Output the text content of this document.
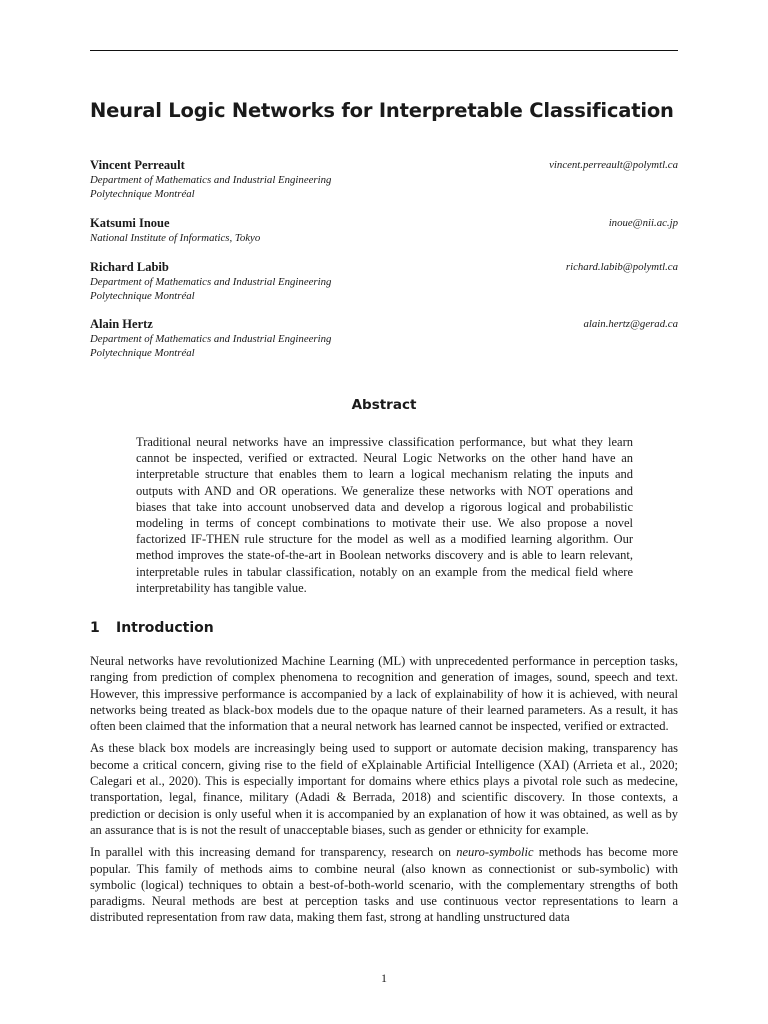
Neural Logic Networks for Interpretable Classification
Vincent Perreault	vincent.perreault@polymtl.ca
Department of Mathematics and Industrial Engineering
Polytechnique Montréal
Katsumi Inoue	inoue@nii.ac.jp
National Institute of Informatics, Tokyo
Richard Labib	richard.labib@polymtl.ca
Department of Mathematics and Industrial Engineering
Polytechnique Montréal
Alain Hertz	alain.hertz@gerad.ca
Department of Mathematics and Industrial Engineering
Polytechnique Montréal
Abstract

Traditional neural networks have an impressive classification performance, but what they learn cannot be inspected, verified or extracted. Neural Logic Networks on the other hand have an interpretable structure that enables them to learn a logical mechanism relating the inputs and outputs with AND and OR operations. We generalize these networks with NOT operations and biases that take into account unobserved data and develop a rigorous logical and probabilistic modeling in terms of concept combinations to motivate their use. We also propose a novel factorized IF-THEN rule structure for the model as well as a modified learning algorithm. Our method improves the state-of-the-art in Boolean networks discovery and is able to learn relevant, interpretable rules in tabular classification, notably on an example from the medical field where interpretability has tangible value.

1 Introduction

Neural networks have revolutionized Machine Learning (ML) with unprecedented performance in perception tasks, ranging from prediction of complex phenomena to recognition and generation of images, sound, speech and text. However, this impressive performance is accompanied by a lack of explainability of how it is achieved, with neural networks being treated as black-box models due to the opaque nature of their learned parameters. As a result, it has often been claimed that the information that a neural network has learned cannot be inspected, verified or extracted.

As these black box models are increasingly being used to support or automate decision making, transparency has become a critical concern, giving rise to the field of eXplainable Artificial Intelligence (XAI) (Arrieta et al., 2020; Calegari et al., 2020). This is especially important for domains where ethics plays a pivotal role such as medecine, transportation, legal, finance, military (Adadi & Berrada, 2018) and scientific discovery. In those contexts, a prediction or decision is only useful when it is accompanied by an explanation of how it was obtained, as well as by an assurance that is is not the result of unacceptable biases, such as gender or ethnicity for example.

In parallel with this increasing demand for transparency, research on neuro-symbolic methods has become more popular. This family of methods aims to combine neural (also known as connectionist or sub-symbolic) with symbolic (logical) techniques to obtain a best-of-both-world scenario, with the complementary strengths of both paradigms. Neural methods are best at perception tasks and use continuous vector representations to learn a distributed representation from raw data, making them fast, strong at handling unstructured data

1
